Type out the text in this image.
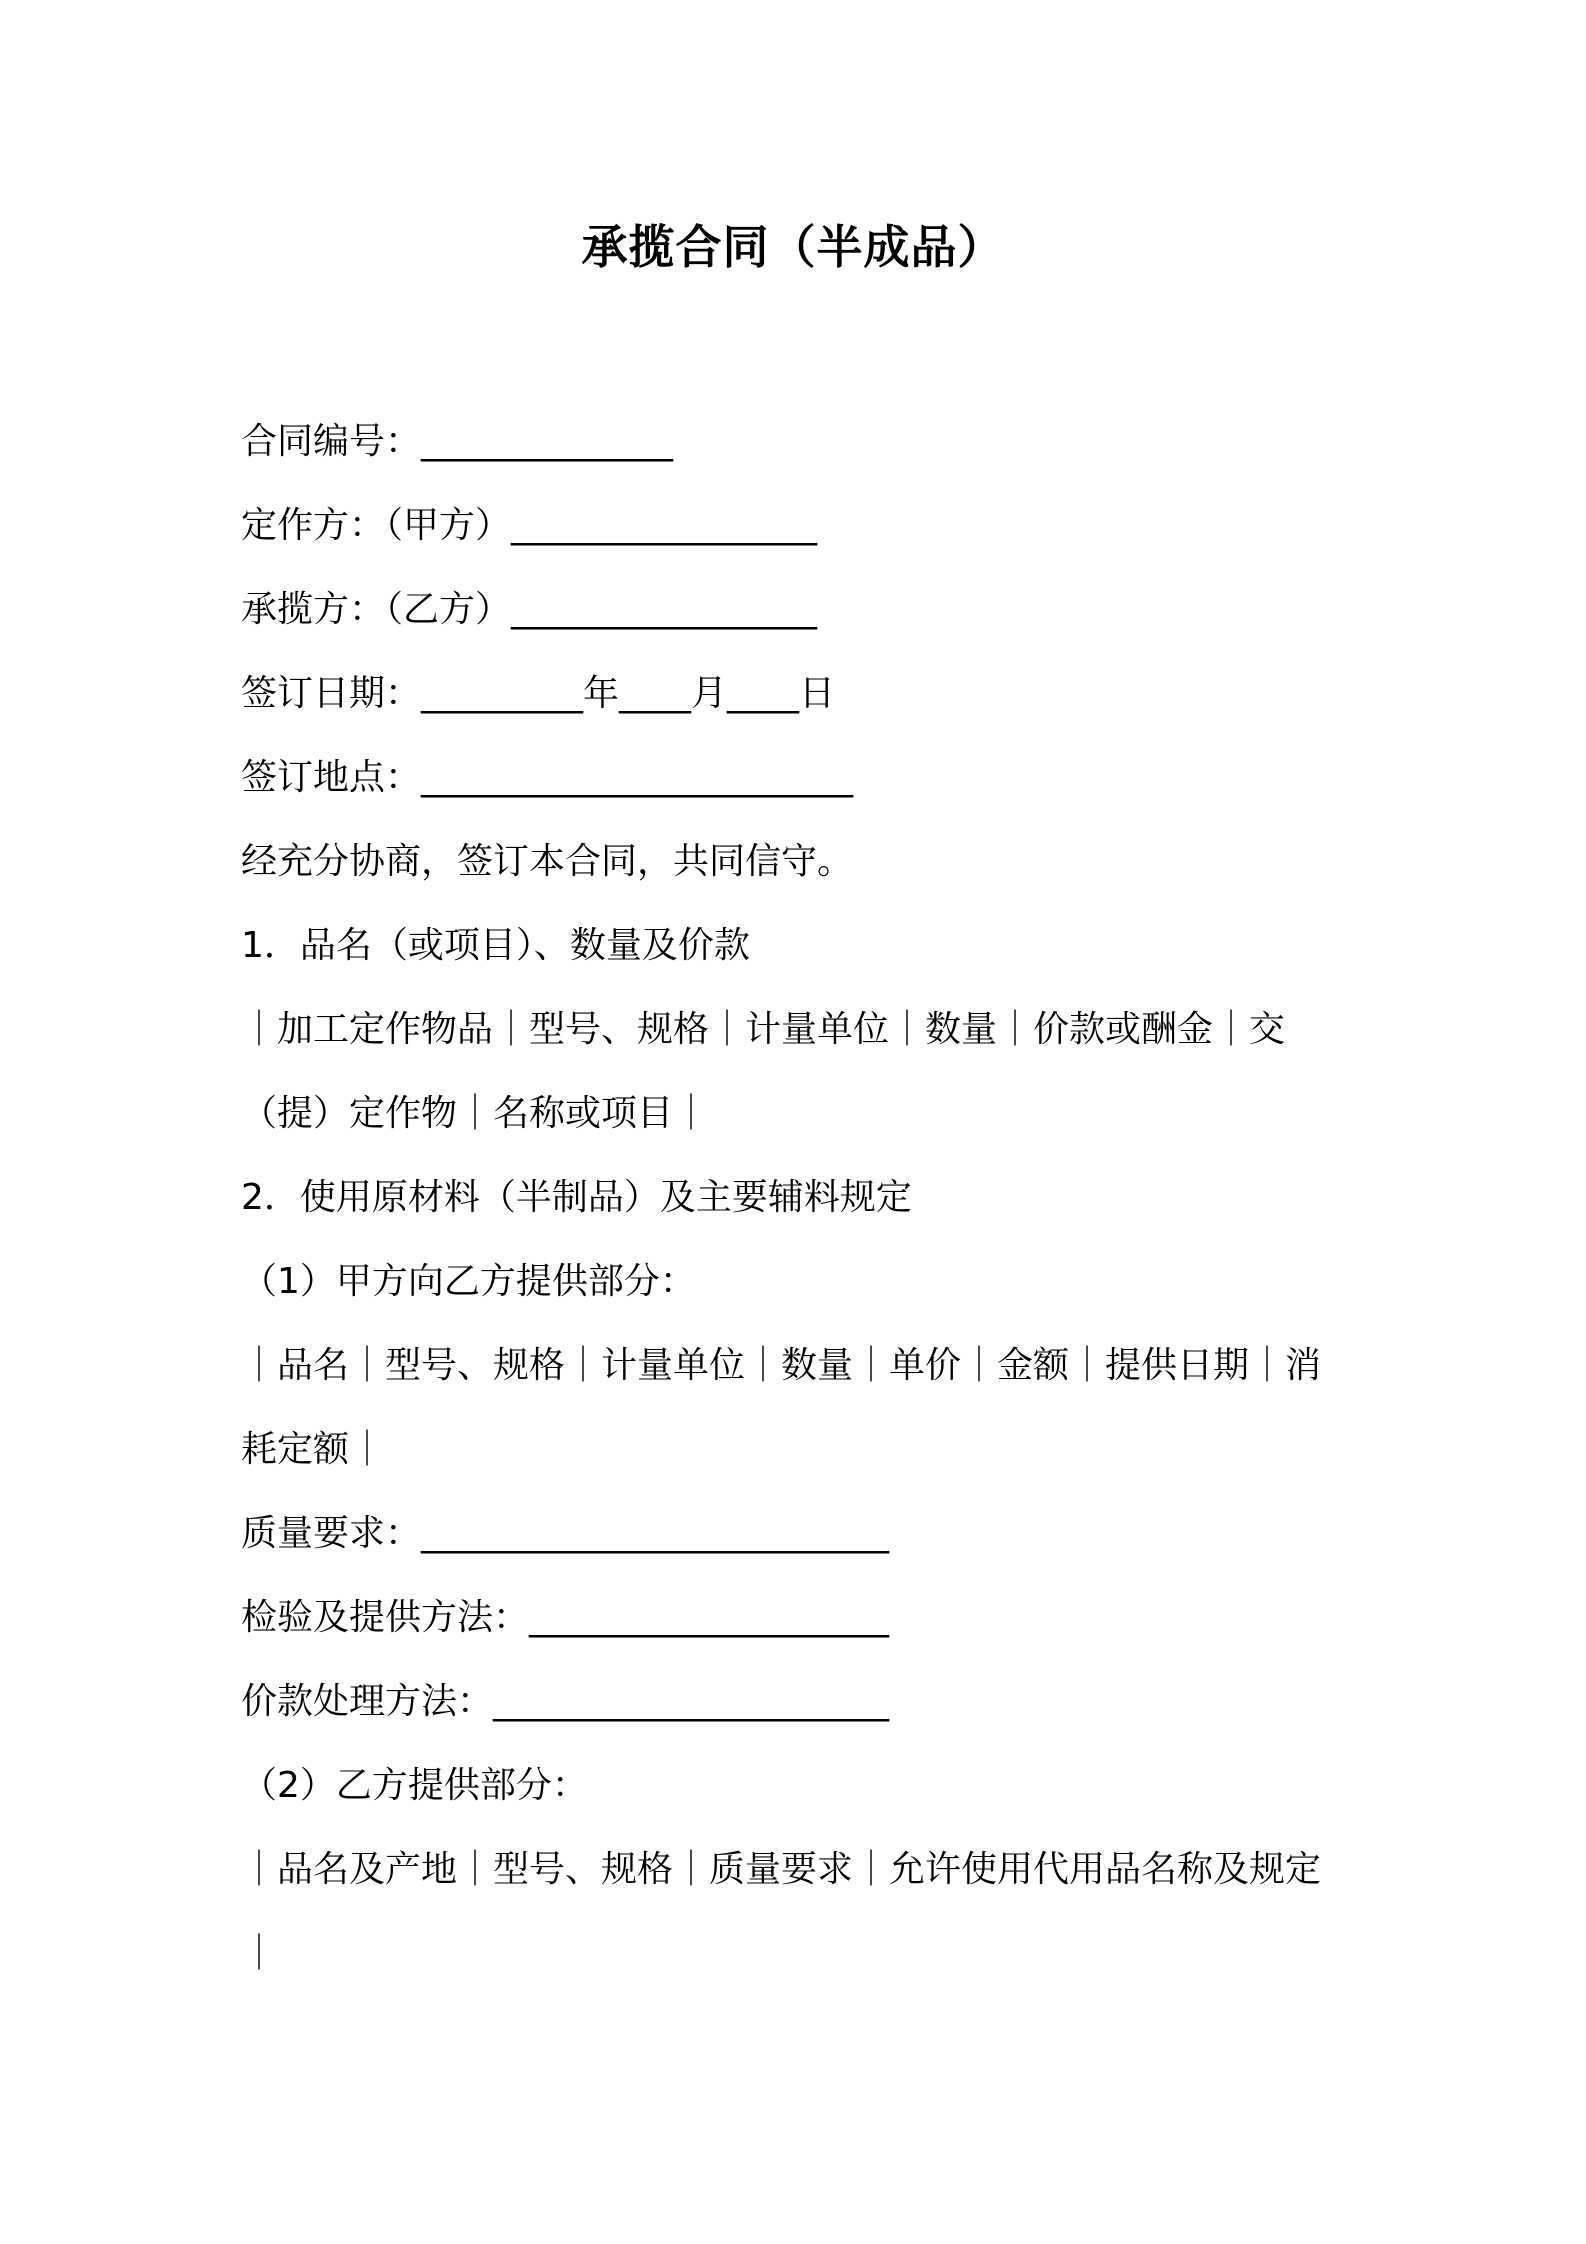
承揽合同（半成品）
合同编号：______________
定作方：（甲方）_________________
承揽方：（乙方）_________________
签订日期：_________年____月____日
签订地点：________________________
经充分协商，签订本合同，共同信守。
1．品名（或项目）、数量及价款
｜加工定作物品｜型号、规格｜计量单位｜数量｜价款或酬金｜交
（提）定作物｜名称或项目｜
2．使用原材料（半制品）及主要辅料规定
（1）甲方向乙方提供部分：
｜品名｜型号、规格｜计量单位｜数量｜单价｜金额｜提供日期｜消
耗定额｜
质量要求：__________________________
检验及提供方法：____________________
价款处理方法：______________________
（2）乙方提供部分：
｜品名及产地｜型号、规格｜质量要求｜允许使用代用品名称及规定
｜
